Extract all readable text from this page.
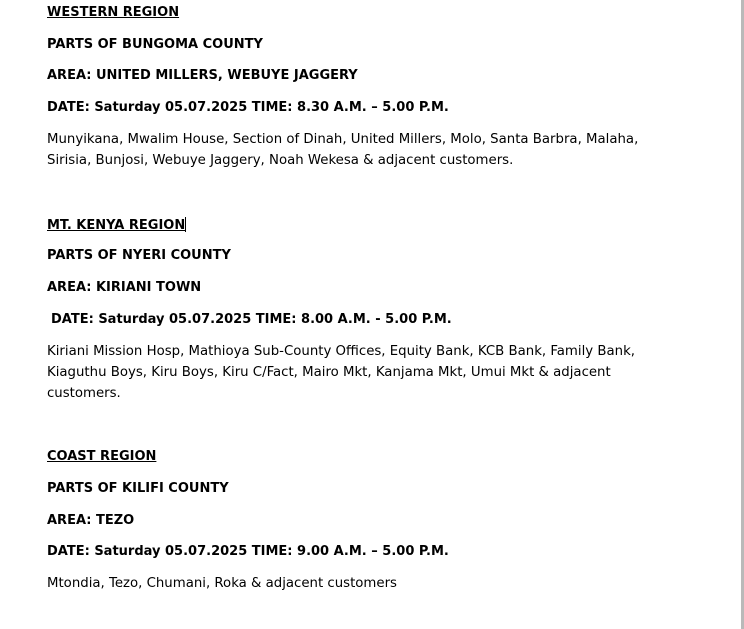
WESTERN REGION
PARTS OF BUNGOMA COUNTY
AREA: UNITED MILLERS, WEBUYE JAGGERY
DATE: Saturday 05.07.2025 TIME: 8.30 A.M. – 5.00 P.M.
Munyikana, Mwalim House, Section of Dinah, United Millers, Molo, Santa Barbra, Malaha, Sirisia, Bunjosi, Webuye Jaggery, Noah Wekesa & adjacent customers.
MT. KENYA REGION
PARTS OF NYERI COUNTY
AREA: KIRIANI TOWN
DATE: Saturday 05.07.2025 TIME: 8.00 A.M. - 5.00 P.M.
Kiriani Mission Hosp, Mathioya Sub-County Offices, Equity Bank, KCB Bank, Family Bank, Kiaguthu Boys, Kiru Boys, Kiru C/Fact, Mairo Mkt, Kanjama Mkt, Umui Mkt & adjacent customers.
COAST REGION
PARTS OF KILIFI COUNTY
AREA: TEZO
DATE: Saturday 05.07.2025 TIME: 9.00 A.M. – 5.00 P.M.
Mtondia, Tezo, Chumani, Roka & adjacent customers
